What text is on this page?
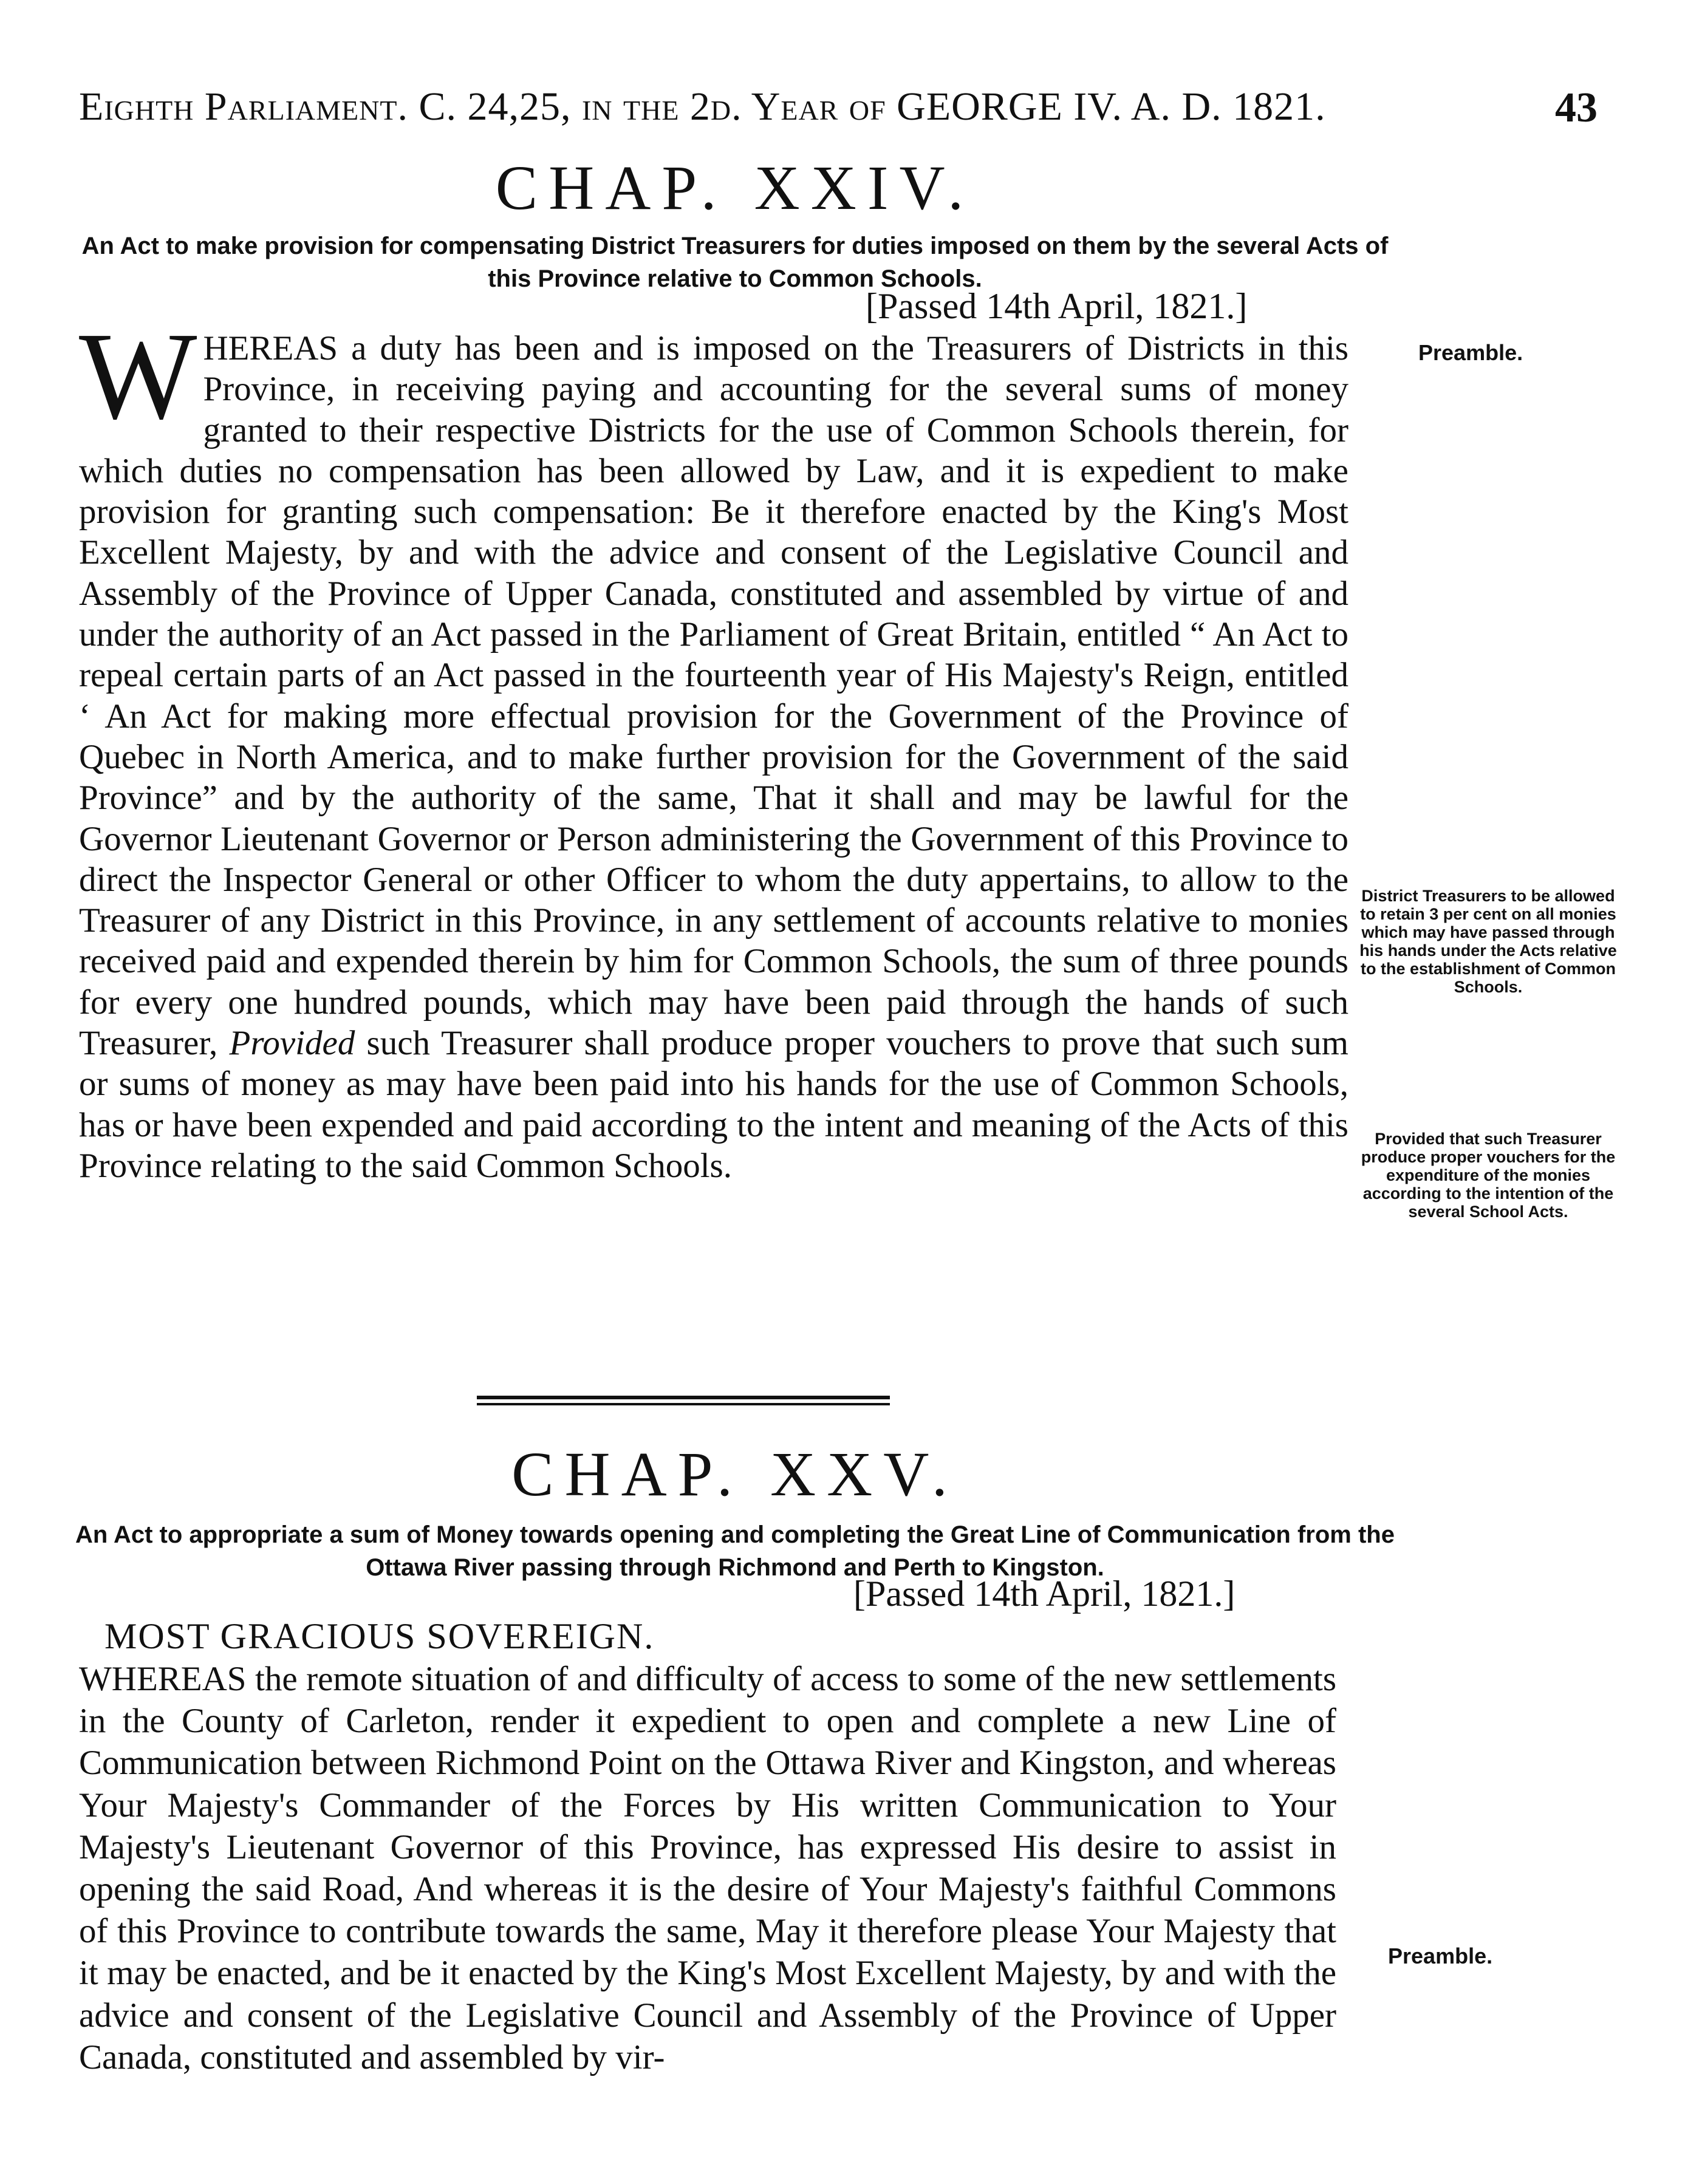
Eighth Parliament. C. 24,25, in the 2d. Year of GEORGE IV. A. D. 1821.	43
CHAP. XXIV.
An Act to make provision for compensating District Treasurers for duties imposed on them by the several Acts of this Province relative to Common Schools.
[Passed 14th April, 1821.]
WHEREAS a duty has been and is imposed on the Treasurers of Districts in this Province, in receiving paying and accounting for the several sums of money granted to their respective Districts for the use of Common Schools therein, for which duties no compensation has been allowed by Law, and it is expedient to make provision for granting such compensation: Be it therefore enacted by the King's Most Excellent Majesty, by and with the advice and consent of the Legislative Council and Assembly of the Province of Upper Canada, constituted and assembled by virtue of and under the authority of an Act passed in the Parliament of Great Britain, entitled “ An Act to repeal certain parts of an Act passed in the fourteenth year of His Majesty's Reign, entitled ‘ An Act for making more effectual provision for the Government of the Province of Quebec in North America, and to make further provision for the Government of the said Province” and by the authority of the same, That it shall and may be lawful for the Governor Lieutenant Governor or Person administering the Government of this Province to direct the Inspector General or other Officer to whom the duty appertains, to allow to the Treasurer of any District in this Province, in any settlement of accounts relative to monies received paid and expended therein by him for Common Schools, the sum of three pounds for every one hundred pounds, which may have been paid through the hands of such Treasurer, Provided such Treasurer shall produce proper vouchers to prove that such sum or sums of money as may have been paid into his hands for the use of Common Schools, has or have been expended and paid according to the intent and meaning of the Acts of this Province relating to the said Common Schools.
Preamble.
District Treasurers to be allowed to retain 3 per cent on all monies which may have passed through his hands under the Acts relative to the establishment of Common Schools.
Provided that such Treasurer produce proper vouchers for the expenditure of the monies according to the intention of the several School Acts.
CHAP. XXV.
An Act to appropriate a sum of Money towards opening and completing the Great Line of Communication from the Ottawa River passing through Richmond and Perth to Kingston.
[Passed 14th April, 1821.]
MOST GRACIOUS SOVEREIGN.
WHEREAS the remote situation of and difficulty of access to some of the new settlements in the County of Carleton, render it expedient to open and complete a new Line of Communication between Richmond Point on the Ottawa River and Kingston, and whereas Your Majesty's Commander of the Forces by His written Communication to Your Majesty's Lieutenant Governor of this Province, has expressed His desire to assist in opening the said Road, And whereas it is the desire of Your Majesty's faithful Commons of this Province to contribute towards the same, May it therefore please Your Majesty that it may be enacted, and be it enacted by the King's Most Excellent Majesty, by and with the advice and consent of the Legislative Council and Assembly of the Province of Upper Canada, constituted and assembled by vir-
Preamble.
